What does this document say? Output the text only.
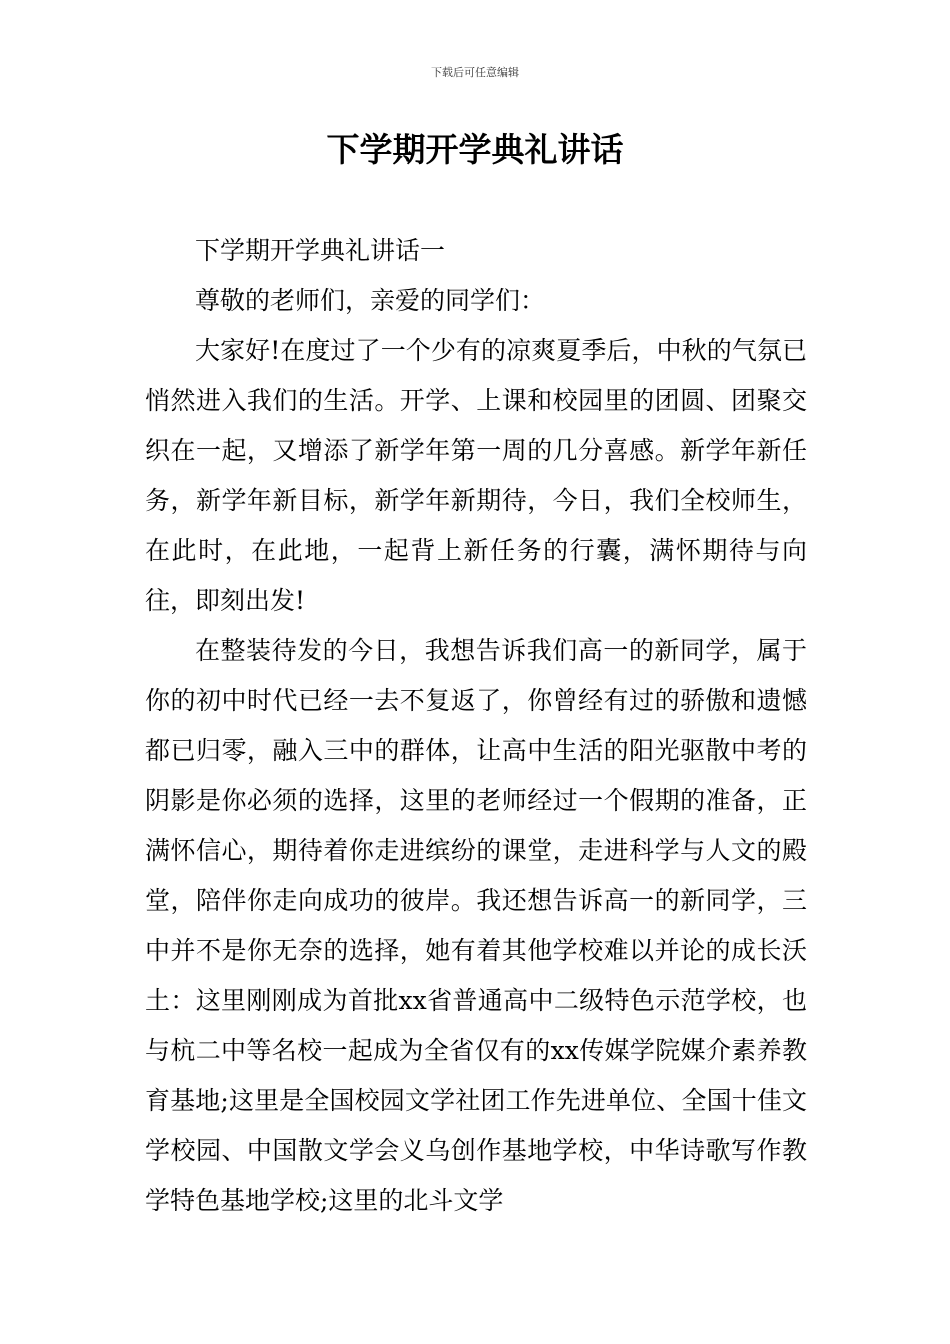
下载后可任意编辑
下学期开学典礼讲话

下学期开学典礼讲话一

尊敬的老师们，亲爱的同学们：

大家好!在度过了一个少有的凉爽夏季后，中秋的气氛已悄然进入我们的生活。开学、上课和校园里的团圆、团聚交织在一起，又增添了新学年第一周的几分喜感。新学年新任务，新学年新目标，新学年新期待，今日，我们全校师生，在此时，在此地，一起背上新任务的行囊，满怀期待与向往，即刻出发!

在整装待发的今日，我想告诉我们高一的新同学，属于你的初中时代已经一去不复返了，你曾经有过的骄傲和遗憾都已归零，融入三中的群体，让高中生活的阳光驱散中考的阴影是你必须的选择，这里的老师经过一个假期的准备，正满怀信心，期待着你走进缤纷的课堂，走进科学与人文的殿堂，陪伴你走向成功的彼岸。我还想告诉高一的新同学，三中并不是你无奈的选择，她有着其他学校难以并论的成长沃土：这里刚刚成为首批xx省普通高中二级特色示范学校，也与杭二中等名校一起成为全省仅有的xx传媒学院媒介素养教育基地;这里是全国校园文学社团工作先进单位、全国十佳文学校园、中国散文学会义乌创作基地学校，中华诗歌写作教学特色基地学校;这里的北斗文学
